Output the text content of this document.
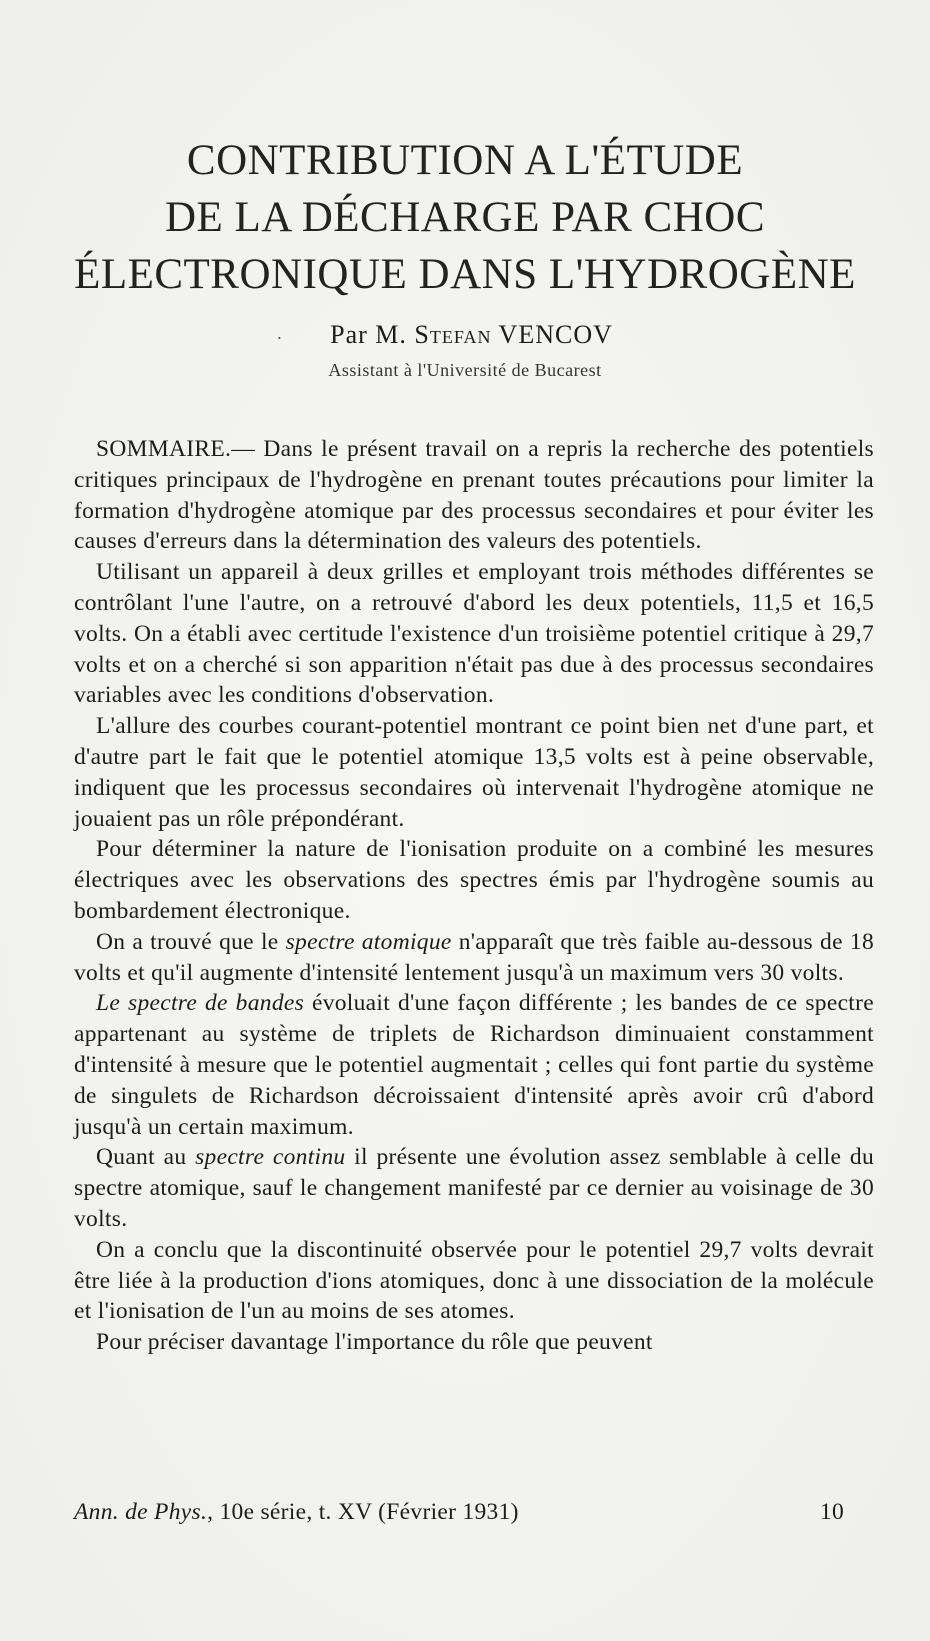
CONTRIBUTION A L'ÉTUDE
DE LA DÉCHARGE PAR CHOC
ÉLECTRONIQUE DANS L'HYDROGÈNE
. Par M. Stefan VENCOV
Assistant à l'Université de Bucarest

SOMMAIRE.— Dans le présent travail on a repris la recherche des potentiels critiques principaux de l'hydrogène en prenant toutes précautions pour limiter la formation d'hydrogène atomique par des processus secondaires et pour éviter les causes d'erreurs dans la détermination des valeurs des potentiels.

Utilisant un appareil à deux grilles et employant trois méthodes différentes se contrôlant l'une l'autre, on a retrouvé d'abord les deux potentiels, 11,5 et 16,5 volts. On a établi avec certitude l'existence d'un troisième potentiel critique à 29,7 volts et on a cherché si son apparition n'était pas due à des processus secondaires variables avec les conditions d'observation.

L'allure des courbes courant-potentiel montrant ce point bien net d'une part, et d'autre part le fait que le potentiel atomique 13,5 volts est à peine observable, indiquent que les processus secondaires où intervenait l'hydrogène atomique ne jouaient pas un rôle prépondérant.

Pour déterminer la nature de l'ionisation produite on a combiné les mesures électriques avec les observations des spectres émis par l'hydrogène soumis au bombardement électronique.

On a trouvé que le spectre atomique n'apparaît que très faible au-dessous de 18 volts et qu'il augmente d'intensité lentement jusqu'à un maximum vers 30 volts.

Le spectre de bandes évoluait d'une façon différente ; les bandes de ce spectre appartenant au système de triplets de Richardson diminuaient constamment d'intensité à mesure que le potentiel augmentait ; celles qui font partie du système de singulets de Richardson décroissaient d'intensité après avoir crû d'abord jusqu'à un certain maximum.

Quant au spectre continu il présente une évolution assez semblable à celle du spectre atomique, sauf le changement manifesté par ce dernier au voisinage de 30 volts.

On a conclu que la discontinuité observée pour le potentiel 29,7 volts devrait être liée à la production d'ions atomiques, donc à une dissociation de la molécule et l'ionisation de l'un au moins de ses atomes.

Pour préciser davantage l'importance du rôle que peuvent

Ann. de Phys., 10e série, t. XV (Février 1931)	10
